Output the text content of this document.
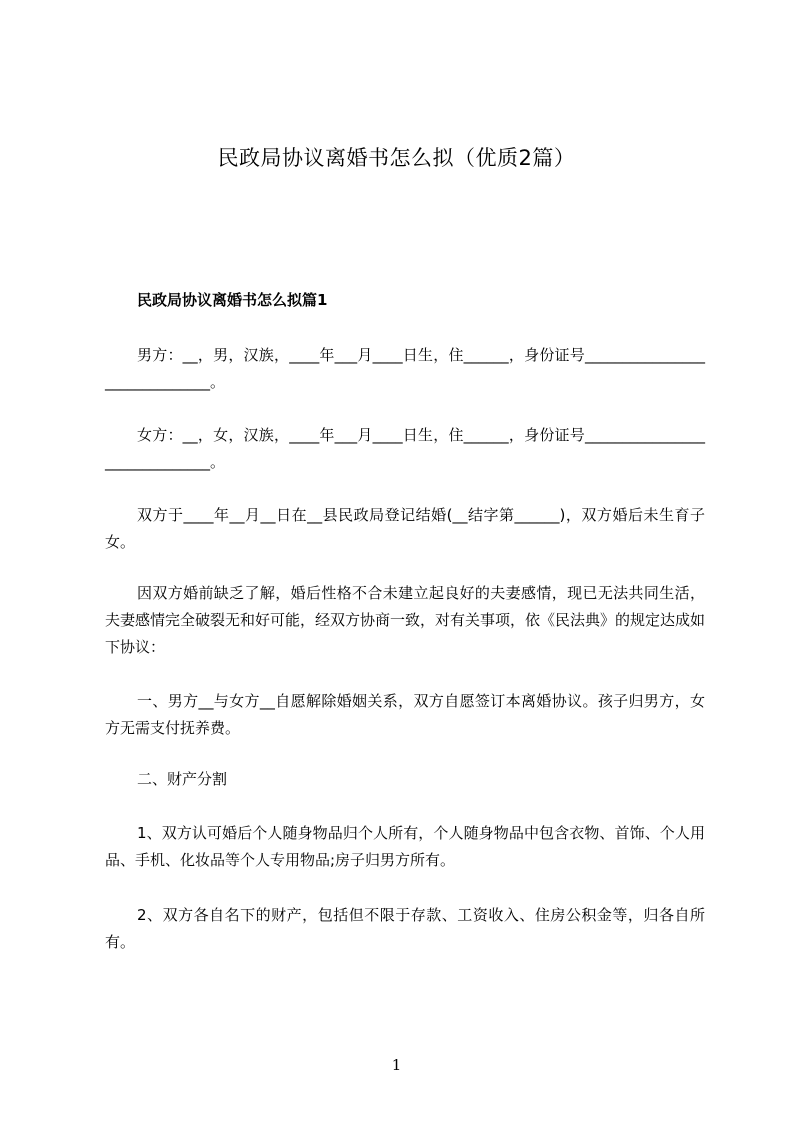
民政局协议离婚书怎么拟（优质2篇）
民政局协议离婚书怎么拟篇1
男方：__，男，汉族，____年___月____日生，住______，身份证号______________________________。
女方：__，女，汉族，____年___月____日生，住______，身份证号______________________________。
双方于____年__月__日在__县民政局登记结婚(__结字第______)，双方婚后未生育子女。
因双方婚前缺乏了解，婚后性格不合未建立起良好的夫妻感情，现已无法共同生活，夫妻感情完全破裂无和好可能，经双方协商一致，对有关事项，依《民法典》的规定达成如下协议：
一、男方__与女方__自愿解除婚姻关系，双方自愿签订本离婚协议。孩子归男方，女方无需支付抚养费。
二、财产分割
1、双方认可婚后个人随身物品归个人所有，个人随身物品中包含衣物、首饰、个人用品、手机、化妆品等个人专用物品;房子归男方所有。
2、双方各自名下的财产，包括但不限于存款、工资收入、住房公积金等，归各自所有。
1
